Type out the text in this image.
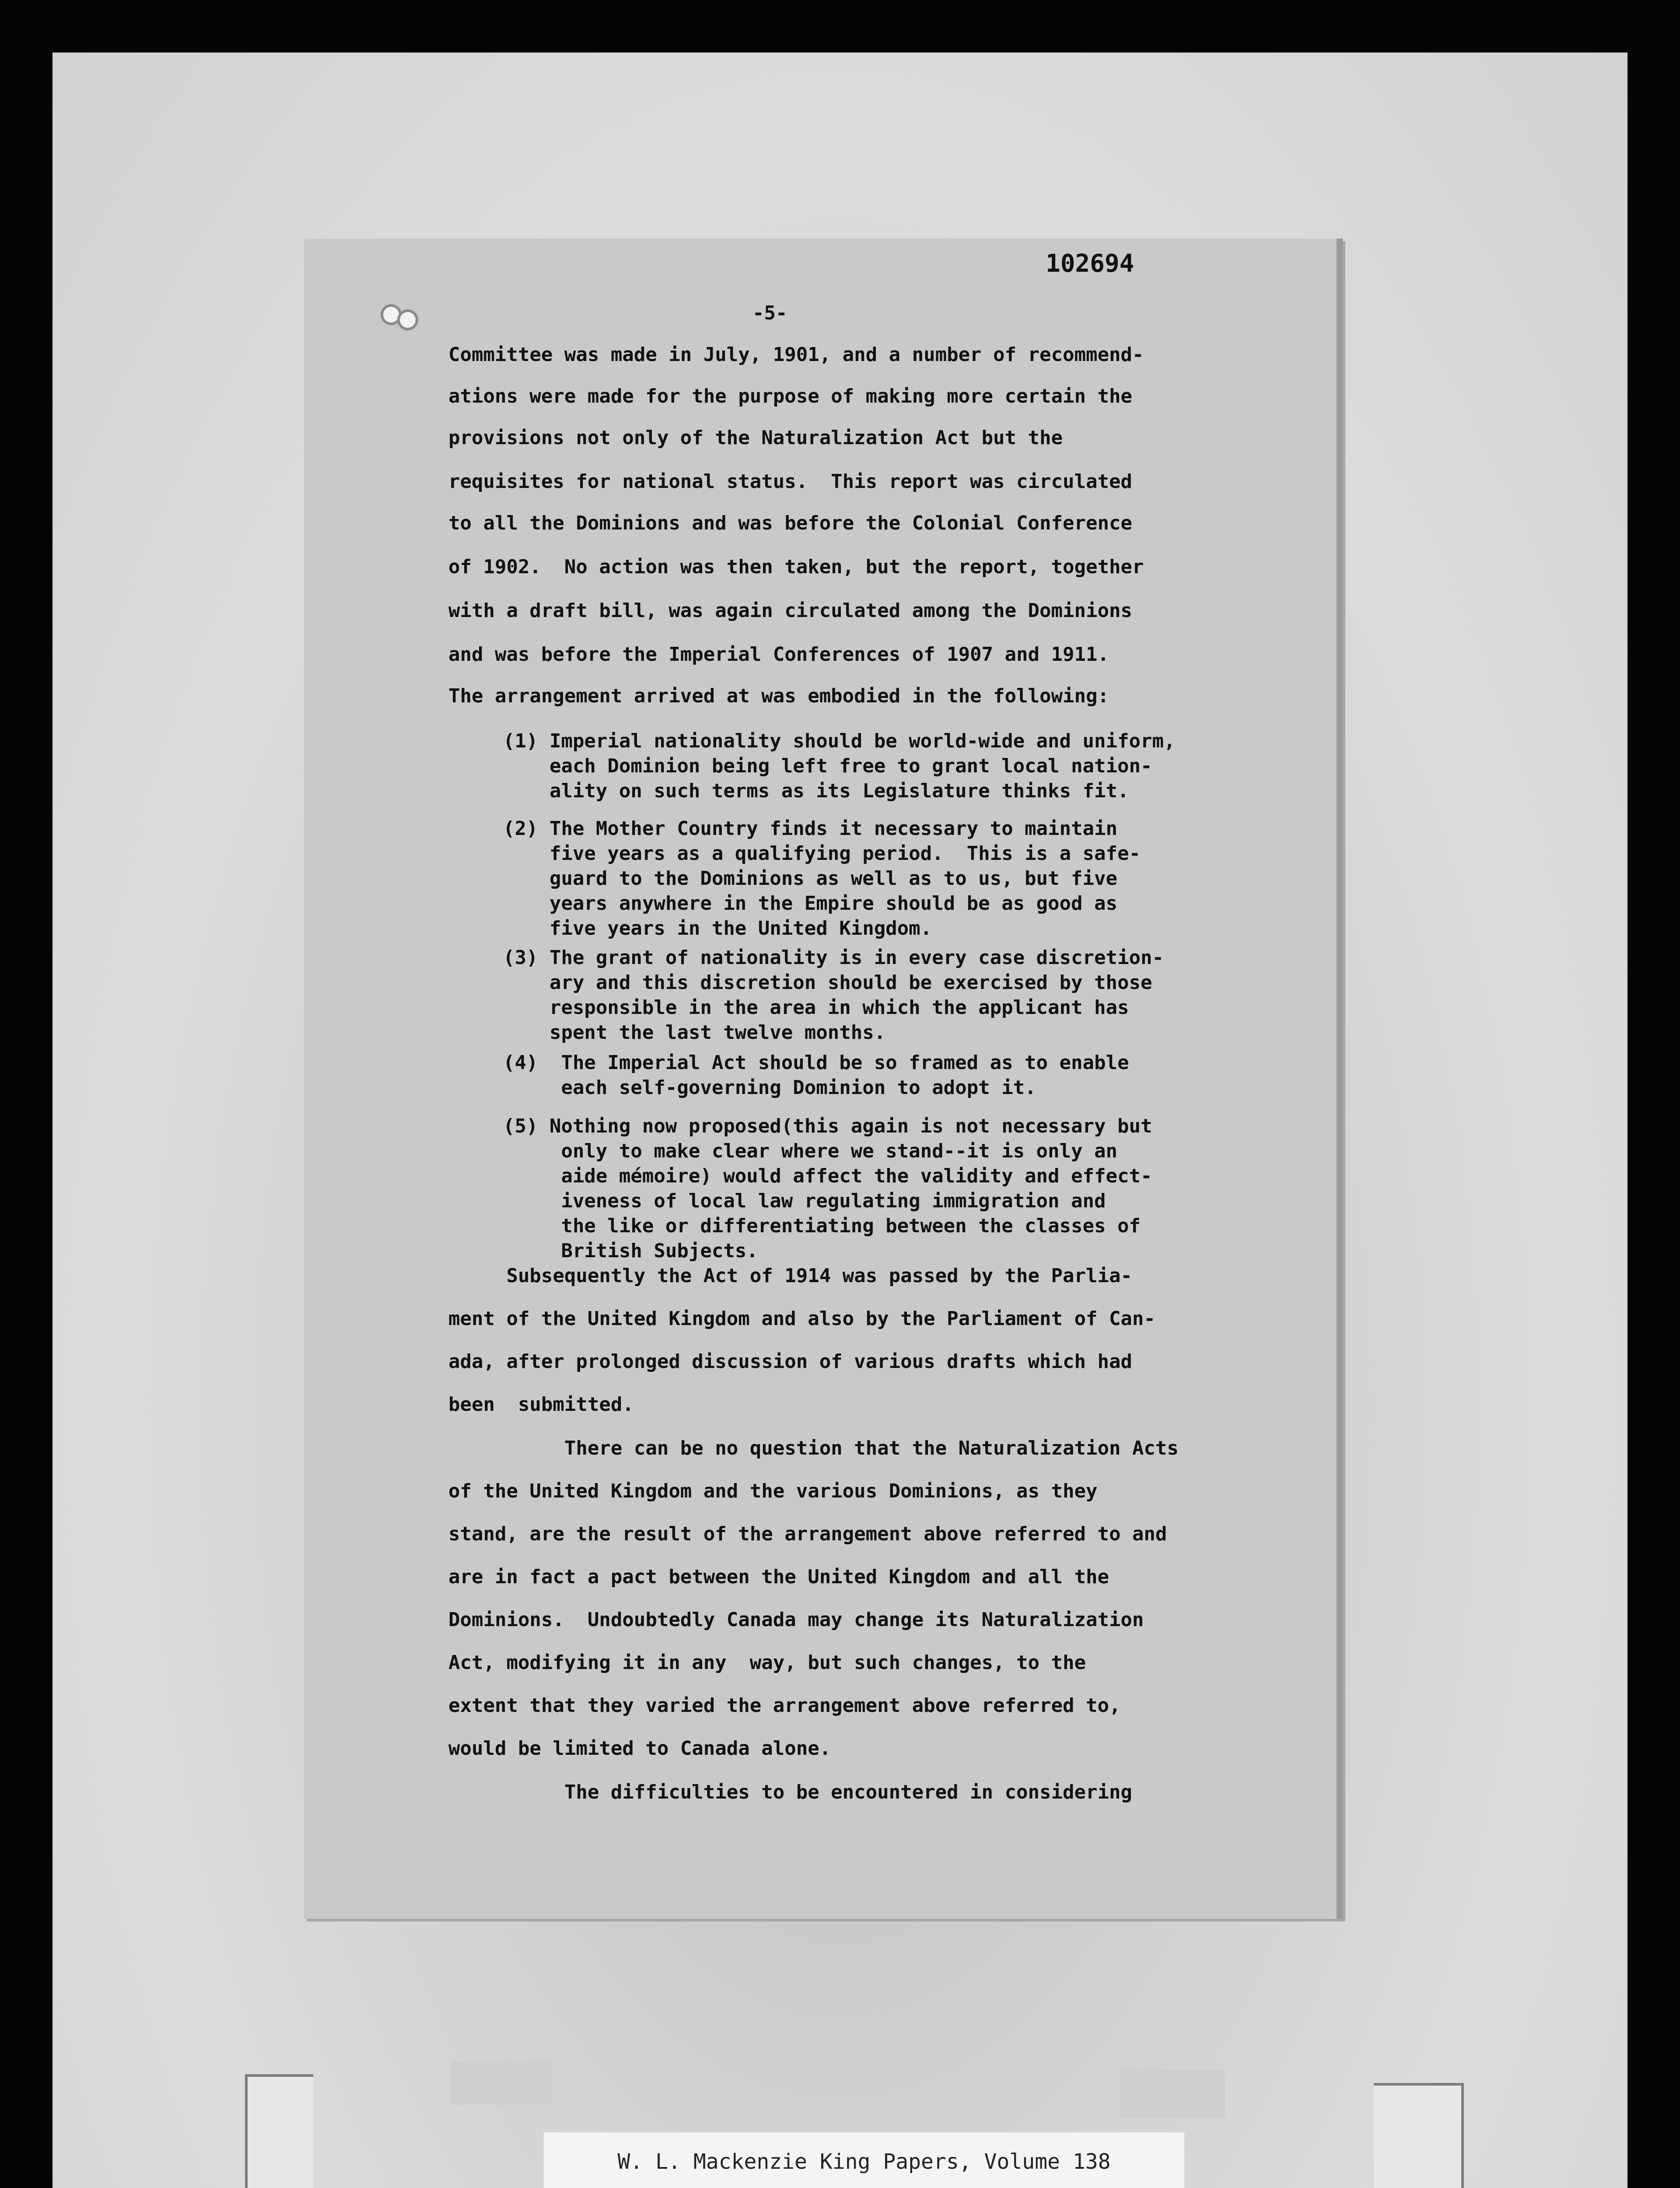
102694
-5-
Committee was made in July, 1901, and a number of recommend-
ations were made for the purpose of making more certain the
provisions not only of the Naturalization Act but the
requisites for national status.  This report was circulated
to all the Dominions and was before the Colonial Conference
of 1902.  No action was then taken, but the report, together
with a draft bill, was again circulated among the Dominions
and was before the Imperial Conferences of 1907 and 1911.
The arrangement arrived at was embodied in the following:
(1) Imperial nationality should be world-wide and uniform,
each Dominion being left free to grant local nation-
ality on such terms as its Legislature thinks fit.
(2) The Mother Country finds it necessary to maintain
five years as a qualifying period.  This is a safe-
guard to the Dominions as well as to us, but five
years anywhere in the Empire should be as good as
five years in the United Kingdom.
(3) The grant of nationality is in every case discretion-
ary and this discretion should be exercised by those
responsible in the area in which the applicant has
spent the last twelve months.
(4)  The Imperial Act should be so framed as to enable
each self-governing Dominion to adopt it.
(5) Nothing now proposed(this again is not necessary but
only to make clear where we stand--it is only an
aide mémoire) would affect the validity and effect-
iveness of local law regulating immigration and
the like or differentiating between the classes of
British Subjects.
Subsequently the Act of 1914 was passed by the Parlia-
ment of the United Kingdom and also by the Parliament of Can-
ada, after prolonged discussion of various drafts which had
been  submitted.
There can be no question that the Naturalization Acts
of the United Kingdom and the various Dominions, as they
stand, are the result of the arrangement above referred to and
are in fact a pact between the United Kingdom and all the
Dominions.  Undoubtedly Canada may change its Naturalization
Act, modifying it in any  way, but such changes, to the
extent that they varied the arrangement above referred to,
would be limited to Canada alone.
The difficulties to be encountered in considering
W. L. Mackenzie King Papers, Volume 138
